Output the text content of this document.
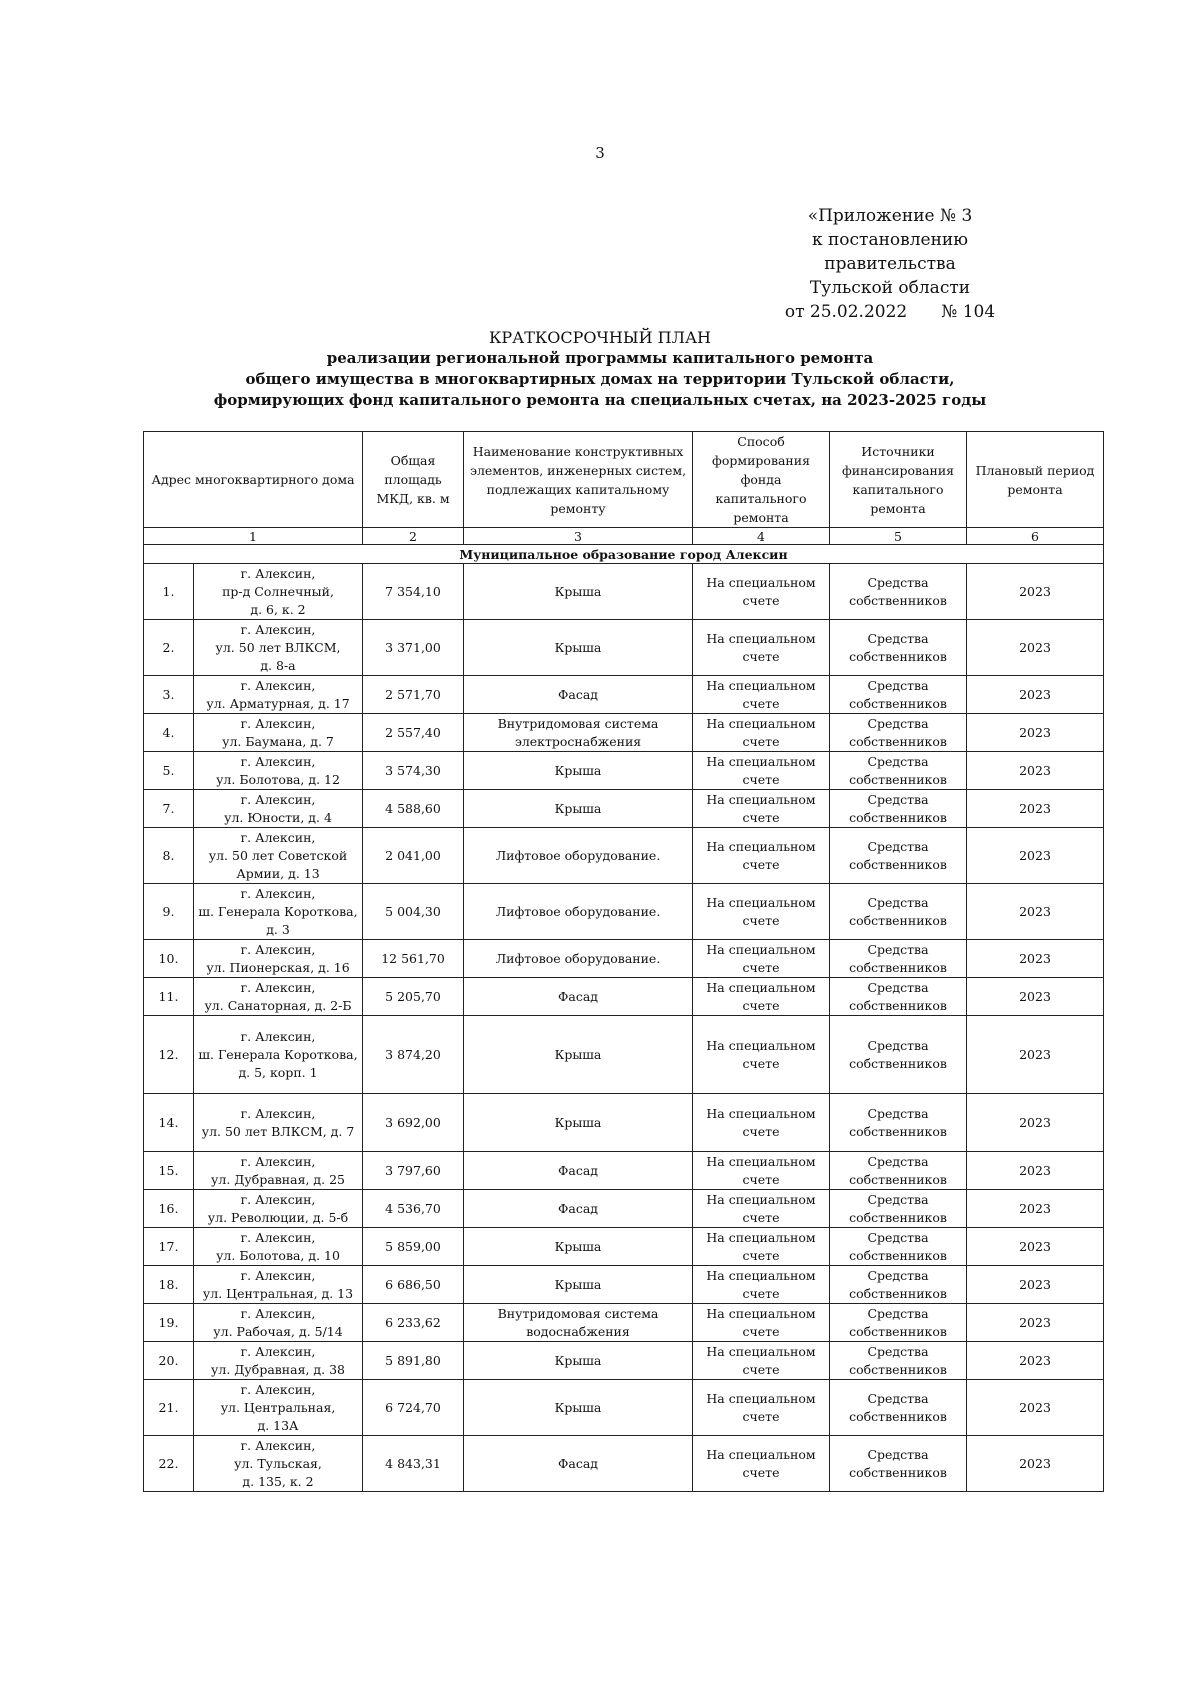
3
«Приложение № 3
к постановлению правительства
Тульской области
от 25.02.2022 № 104
КРАТКОСРОЧНЫЙ ПЛАН
реализации региональной программы капитального ремонта
общего имущества в многоквартирных домах на территории Тульской области,
формирующих фонд капитального ремонта на специальных счетах, на 2023-2025 годы
Адрес многоквартирного дома		Общая площадь МКД, кв. м	Наименование конструктивных элементов, инженерных систем, подлежащих капитальному ремонту	Способ формирования фонда капитального ремонта	Источники финансирования капитального ремонта	Плановый период ремонта
1		2	3	4	5	6
Муниципальное образование город Алексин						
1.	г. Алексин,
пр-д Солнечный,
д. 6, к. 2	7 354,10	Крыша	На специальном
счете	Средства
собственников	2023
2.	г. Алексин,
ул. 50 лет ВЛКСМ,
д. 8-а	3 371,00	Крыша	На специальном
счете	Средства
собственников	2023
3.	г. Алексин,
ул. Арматурная, д. 17	2 571,70	Фасад	На специальном
счете	Средства
собственников	2023
4.	г. Алексин,
ул. Баумана, д. 7	2 557,40	Внутридомовая система
электроснабжения	На специальном
счете	Средства
собственников	2023
5.	г. Алексин,
ул. Болотова, д. 12	3 574,30	Крыша	На специальном
счете	Средства
собственников	2023
7.	г. Алексин,
ул. Юности, д. 4	4 588,60	Крыша	На специальном
счете	Средства
собственников	2023
8.	г. Алексин,
ул. 50 лет Советской
Армии, д. 13	2 041,00	Лифтовое оборудование.	На специальном
счете	Средства
собственников	2023
9.	г. Алексин,
ш. Генерала Короткова,
д. 3	5 004,30	Лифтовое оборудование.	На специальном
счете	Средства
собственников	2023
10.	г. Алексин,
ул. Пионерская, д. 16	12 561,70	Лифтовое оборудование.	На специальном
счете	Средства
собственников	2023
11.	г. Алексин,
ул. Санаторная, д. 2-Б	5 205,70	Фасад	На специальном
счете	Средства
собственников	2023
12.	г. Алексин,
ш. Генерала Короткова,
д. 5, корп. 1	3 874,20	Крыша	На специальном
счете	Средства
собственников	2023
14.	г. Алексин,
ул. 50 лет ВЛКСМ, д. 7	3 692,00	Крыша	На специальном
счете	Средства
собственников	2023
15.	г. Алексин,
ул. Дубравная, д. 25	3 797,60	Фасад	На специальном
счете	Средства
собственников	2023
16.	г. Алексин,
ул. Революции, д. 5-б	4 536,70	Фасад	На специальном
счете	Средства
собственников	2023
17.	г. Алексин,
ул. Болотова, д. 10	5 859,00	Крыша	На специальном
счете	Средства
собственников	2023
18.	г. Алексин,
ул. Центральная, д. 13	6 686,50	Крыша	На специальном
счете	Средства
собственников	2023
19.	г. Алексин,
ул. Рабочая, д. 5/14	6 233,62	Внутридомовая система
водоснабжения	На специальном
счете	Средства
собственников	2023
20.	г. Алексин,
ул. Дубравная, д. 38	5 891,80	Крыша	На специальном
счете	Средства
собственников	2023
21.	г. Алексин,
ул. Центральная,
д. 13А	6 724,70	Крыша	На специальном
счете	Средства
собственников	2023
22.	г. Алексин,
ул. Тульская,
д. 135, к. 2	4 843,31	Фасад	На специальном
счете	Средства
собственников	2023
